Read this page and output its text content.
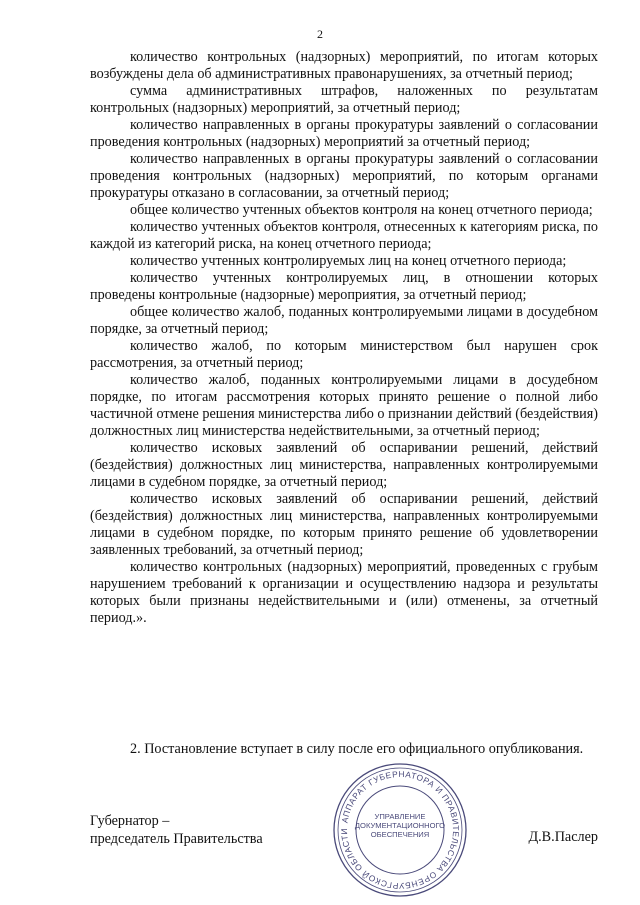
2

количество контрольных (надзорных) мероприятий, по итогам которых возбуждены дела об административных правонарушениях, за отчетный период;

сумма административных штрафов, наложенных по результатам контрольных (надзорных) мероприятий, за отчетный период;

количество направленных в органы прокуратуры заявлений о согласовании проведения контрольных (надзорных) мероприятий за отчетный период;

количество направленных в органы прокуратуры заявлений о согласовании проведения контрольных (надзорных) мероприятий, по которым органами прокуратуры отказано в согласовании, за отчетный период;

общее количество учтенных объектов контроля на конец отчетного периода;

количество учтенных объектов контроля, отнесенных к категориям риска, по каждой из категорий риска, на конец отчетного периода;

количество учтенных контролируемых лиц на конец отчетного периода;

количество учтенных контролируемых лиц, в отношении которых проведены контрольные (надзорные) мероприятия, за отчетный период;

общее количество жалоб, поданных контролируемыми лицами в досудебном порядке, за отчетный период;

количество жалоб, по которым министерством был нарушен срок рассмотрения, за отчетный период;

количество жалоб, поданных контролируемыми лицами в досудебном порядке, по итогам рассмотрения которых принято решение о полной либо частичной отмене решения министерства либо о признании действий (бездействия) должностных лиц министерства недействительными, за отчетный период;

количество исковых заявлений об оспаривании решений, действий (бездействия) должностных лиц министерства, направленных контролируемыми лицами в судебном порядке, за отчетный период;

количество исковых заявлений об оспаривании решений, действий (бездействия) должностных лиц министерства, направленных контролируемыми лицами в судебном порядке, по которым принято решение об удовлетворении заявленных требований, за отчетный период;

количество контрольных (надзорных) мероприятий, проведенных с грубым нарушением требований к организации и осуществлению надзора и результаты которых были признаны недействительными и (или) отменены, за отчетный период.».

2. Постановление вступает в силу после его официального опубликования.

Губернатор –
председатель Правительства
АППАРАТ ГУБЕРНАТОРА И ПРАВИТЕЛЬСТВА ОРЕНБУРГСКОЙ ОБЛАСТИ
УПРАВЛЕНИЕ
ДОКУМЕНТАЦИОННОГО
ОБЕСПЕЧЕНИЯ	Д.В.Паслер
